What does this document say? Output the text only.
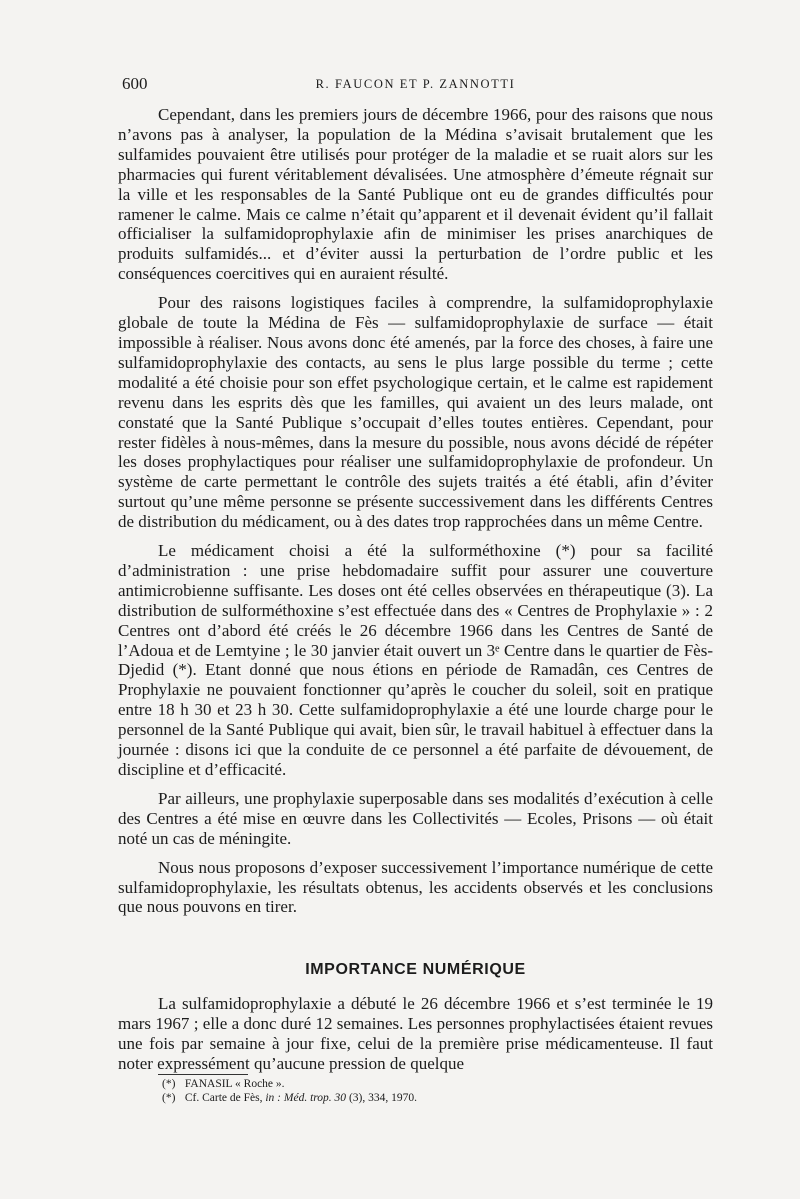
600	R. FAUCON ET P. ZANNOTTI

Cependant, dans les premiers jours de décembre 1966, pour des raisons que nous n’avons pas à analyser, la population de la Médina s’avisait brutalement que les sulfamides pouvaient être utilisés pour protéger de la maladie et se ruait alors sur les pharmacies qui furent véritablement dévalisées. Une atmosphère d’émeute régnait sur la ville et les responsables de la Santé Publique ont eu de grandes difficultés pour ramener le calme. Mais ce calme n’était qu’apparent et il devenait évident qu’il fallait officialiser la sulfamidoprophylaxie afin de minimiser les prises anarchiques de produits sulfamidés... et d’éviter aussi la perturbation de l’ordre public et les conséquences coercitives qui en auraient résulté.

Pour des raisons logistiques faciles à comprendre, la sulfamidoprophylaxie globale de toute la Médina de Fès — sulfamidoprophylaxie de surface — était impossible à réaliser. Nous avons donc été amenés, par la force des choses, à faire une sulfamidoprophylaxie des contacts, au sens le plus large possible du terme ; cette modalité a été choisie pour son effet psychologique certain, et le calme est rapidement revenu dans les esprits dès que les familles, qui avaient un des leurs malade, ont constaté que la Santé Publique s’occupait d’elles toutes entières. Cependant, pour rester fidèles à nous-mêmes, dans la mesure du possible, nous avons décidé de répéter les doses prophylactiques pour réaliser une sulfamidoprophylaxie de profondeur. Un système de carte permettant le contrôle des sujets traités a été établi, afin d’éviter surtout qu’une même personne se présente successivement dans les différents Centres de distribution du médicament, ou à des dates trop rapprochées dans un même Centre.

Le médicament choisi a été la sulforméthoxine (*) pour sa facilité d’administration : une prise hebdomadaire suffit pour assurer une couverture antimicrobienne suffisante. Les doses ont été celles observées en thérapeutique (3). La distribution de sulforméthoxine s’est effectuée dans des « Centres de Prophylaxie » : 2 Centres ont d’abord été créés le 26 décembre 1966 dans les Centres de Santé de l’Adoua et de Lemtyine ; le 30 janvier était ouvert un 3ᵉ Centre dans le quartier de Fès-Djedid (*). Etant donné que nous étions en période de Ramadân, ces Centres de Prophylaxie ne pouvaient fonctionner qu’après le coucher du soleil, soit en pratique entre 18 h 30 et 23 h 30. Cette sulfamidoprophylaxie a été une lourde charge pour le personnel de la Santé Publique qui avait, bien sûr, le travail habituel à effectuer dans la journée : disons ici que la conduite de ce personnel a été parfaite de dévouement, de discipline et d’efficacité.

Par ailleurs, une prophylaxie superposable dans ses modalités d’exécution à celle des Centres a été mise en œuvre dans les Collectivités — Ecoles, Prisons — où était noté un cas de méningite.

Nous nous proposons d’exposer successivement l’importance numérique de cette sulfamidoprophylaxie, les résultats obtenus, les accidents observés et les conclusions que nous pouvons en tirer.

IMPORTANCE NUMÉRIQUE

La sulfamidoprophylaxie a débuté le 26 décembre 1966 et s’est terminée le 19 mars 1967 ; elle a donc duré 12 semaines. Les personnes prophylactisées étaient revues une fois par semaine à jour fixe, celui de la première prise médicamenteuse. Il faut noter expressément qu’aucune pression de quelque

(*) FANASIL « Roche ».
(*) Cf. Carte de Fès, in : Méd. trop. 30 (3), 334, 1970.
